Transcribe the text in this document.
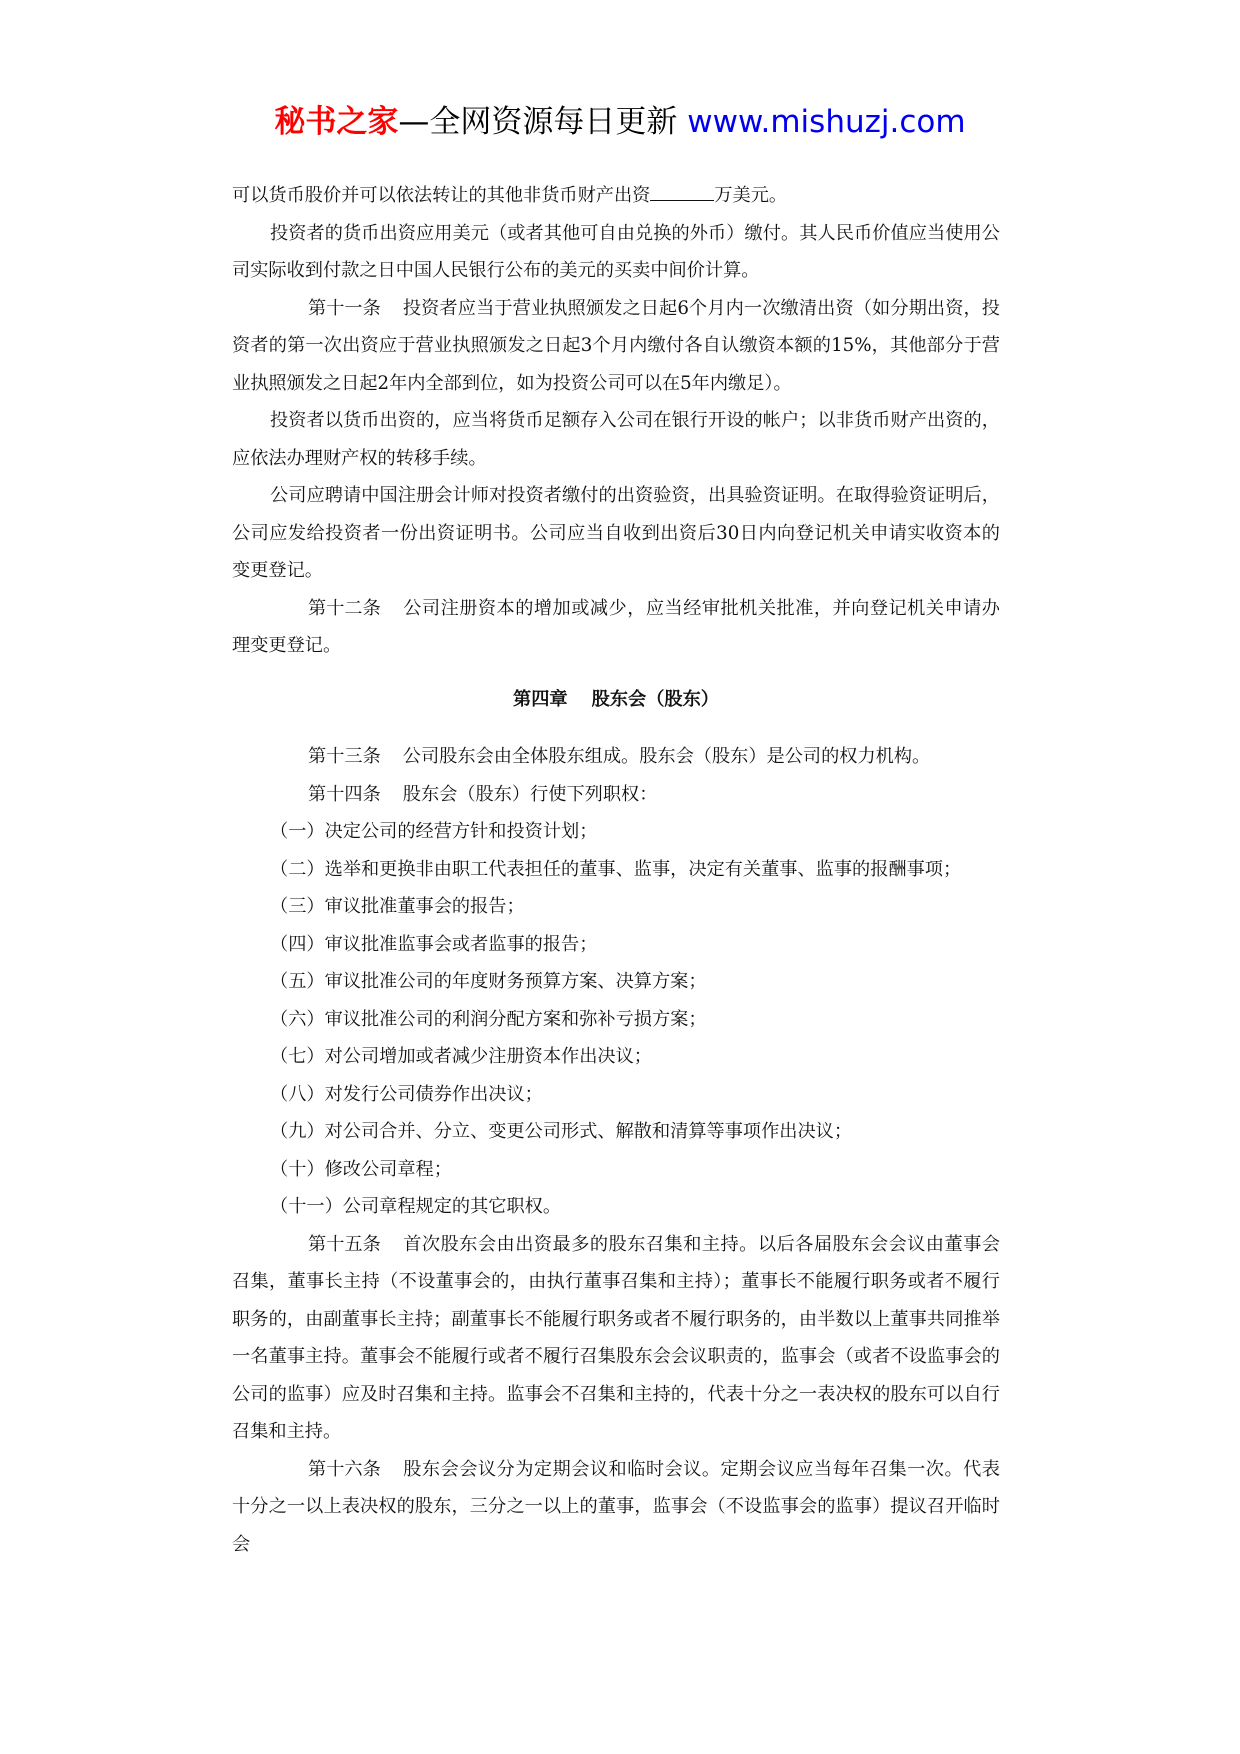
秘书之家—全网资源每日更新 www.mishuzj.com

可以货币股价并可以依法转让的其他非货币财产出资	万美元。

投资者的货币出资应用美元（或者其他可自由兑换的外币）缴付。其人民币价值应当使用公司实际收到付款之日中国人民银行公布的美元的买卖中间价计算。

第十一条 投资者应当于营业执照颁发之日起6个月内一次缴清出资（如分期出资，投资者的第一次出资应于营业执照颁发之日起3个月内缴付各自认缴资本额的15%，其他部分于营业执照颁发之日起2年内全部到位，如为投资公司可以在5年内缴足）。

投资者以货币出资的，应当将货币足额存入公司在银行开设的帐户；以非货币财产出资的，应依法办理财产权的转移手续。

公司应聘请中国注册会计师对投资者缴付的出资验资，出具验资证明。在取得验资证明后，公司应发给投资者一份出资证明书。公司应当自收到出资后30日内向登记机关申请实收资本的变更登记。

第十二条 公司注册资本的增加或减少，应当经审批机关批准，并向登记机关申请办理变更登记。

第四章 股东会（股东）

第十三条 公司股东会由全体股东组成。股东会（股东）是公司的权力机构。

第十四条 股东会（股东）行使下列职权：

（一）决定公司的经营方针和投资计划；

（二）选举和更换非由职工代表担任的董事、监事，决定有关董事、监事的报酬事项；

（三）审议批准董事会的报告；

（四）审议批准监事会或者监事的报告；

（五）审议批准公司的年度财务预算方案、决算方案；

（六）审议批准公司的利润分配方案和弥补亏损方案；

（七）对公司增加或者减少注册资本作出决议；

（八）对发行公司债券作出决议；

（九）对公司合并、分立、变更公司形式、解散和清算等事项作出决议；

（十）修改公司章程；

（十一）公司章程规定的其它职权。

第十五条 首次股东会由出资最多的股东召集和主持。以后各届股东会会议由董事会召集，董事长主持（不设董事会的，由执行董事召集和主持）；董事长不能履行职务或者不履行职务的，由副董事长主持；副董事长不能履行职务或者不履行职务的，由半数以上董事共同推举一名董事主持。董事会不能履行或者不履行召集股东会会议职责的，监事会（或者不设监事会的公司的监事）应及时召集和主持。监事会不召集和主持的，代表十分之一表决权的股东可以自行召集和主持。

第十六条 股东会会议分为定期会议和临时会议。定期会议应当每年召集一次。代表十分之一以上表决权的股东，三分之一以上的董事，监事会（不设监事会的监事）提议召开临时会
